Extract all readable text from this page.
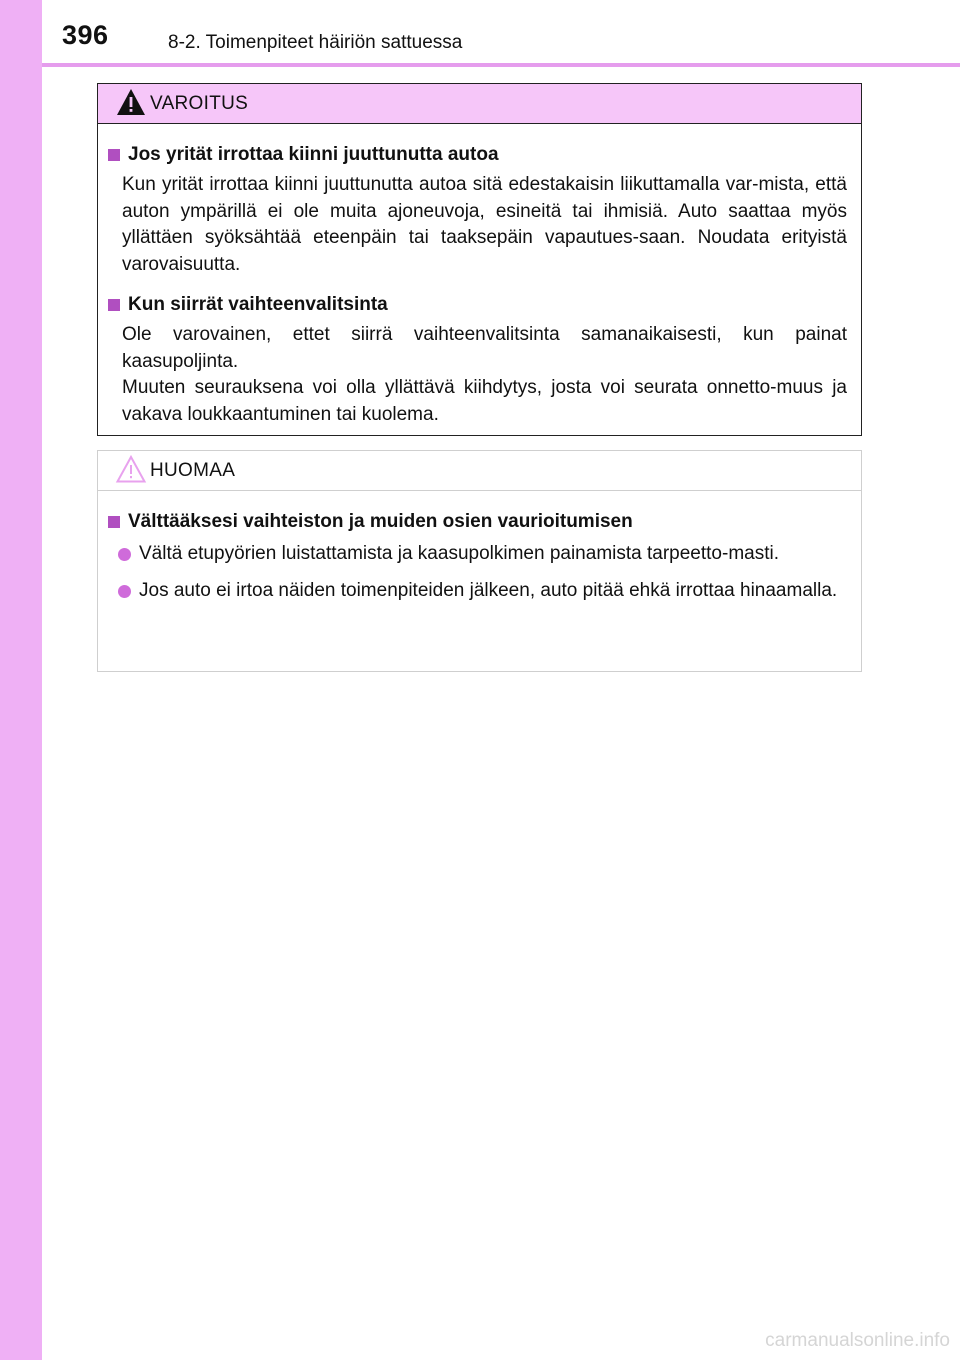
396	8-2. Toimenpiteet häiriön sattuessa
VAROITUS
Jos yrität irrottaa kiinni juuttunutta autoa
Kun yrität irrottaa kiinni juuttunutta autoa sitä edestakaisin liikuttamalla var-mista, että auton ympärillä ei ole muita ajoneuvoja, esineitä tai ihmisiä. Auto saattaa myös yllättäen syöksähtää eteenpäin tai taaksepäin vapautues-saan. Noudata erityistä varovaisuutta.
Kun siirrät vaihteenvalitsinta
Ole varovainen, ettet siirrä vaihteenvalitsinta samanaikaisesti, kun painat kaasupoljinta.
Muuten seurauksena voi olla yllättävä kiihdytys, josta voi seurata onnetto-muus ja vakava loukkaantuminen tai kuolema.
HUOMAA
Välttääksesi vaihteiston ja muiden osien vaurioitumisen
Vältä etupyörien luistattamista ja kaasupolkimen painamista tarpeetto-masti.
Jos auto ei irtoa näiden toimenpiteiden jälkeen, auto pitää ehkä irrottaa hinaamalla.
carmanualsonline.info
